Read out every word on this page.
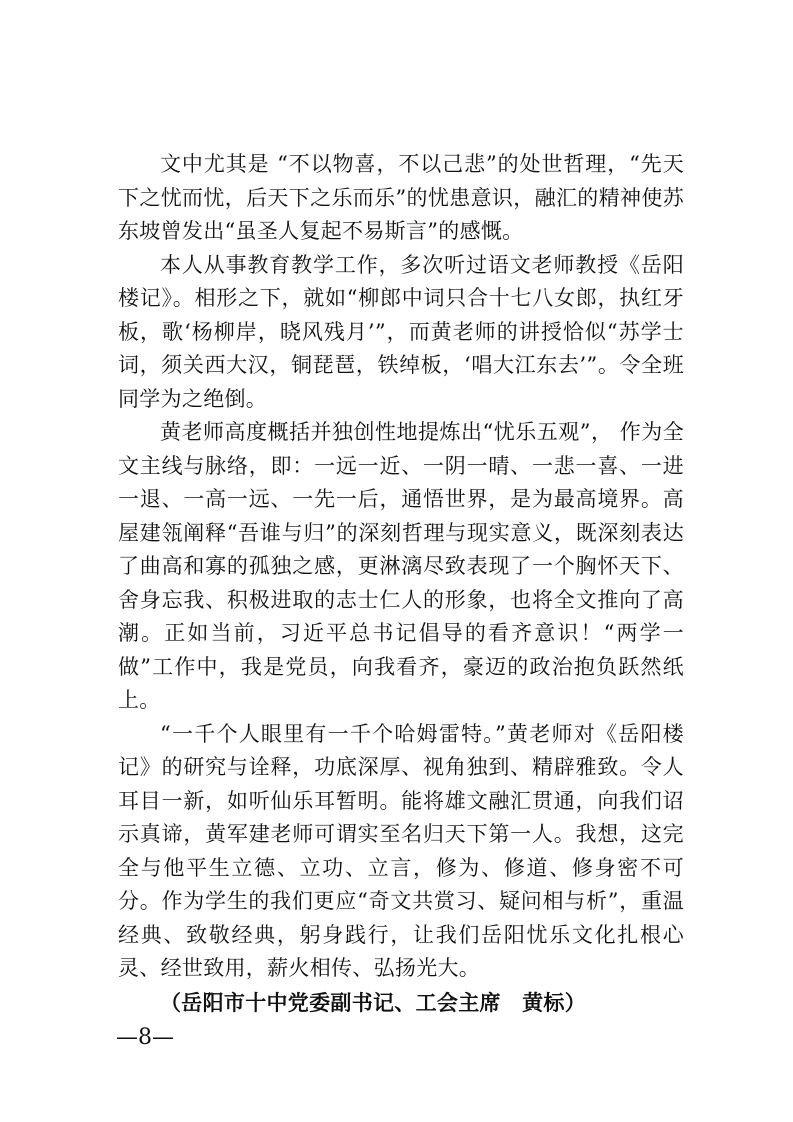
文中尤其是 “不以物喜，不以己悲”的处世哲理，“先天下之忧而忧，后天下之乐而乐”的忧患意识，融汇的精神使苏东坡曾发出“虽圣人复起不易斯言”的感慨。

本人从事教育教学工作，多次听过语文老师教授《岳阳楼记》。相形之下，就如“柳郎中词只合十七八女郎，执红牙板，歌‘杨柳岸，晓风残月’”，而黄老师的讲授恰似“苏学士词，须关西大汉，铜琵琶，铁绰板，‘唱大江东去’”。令全班同学为之绝倒。

黄老师高度概括并独创性地提炼出“忧乐五观”， 作为全文主线与脉络，即：一远一近、一阴一晴、一悲一喜、一进一退、一高一远、一先一后，通悟世界，是为最高境界。高屋建瓴阐释“吾谁与归”的深刻哲理与现实意义，既深刻表达了曲高和寡的孤独之感，更淋漓尽致表现了一个胸怀天下、舍身忘我、积极进取的志士仁人的形象，也将全文推向了高潮。正如当前，习近平总书记倡导的看齐意识！“两学一做”工作中，我是党员，向我看齐，豪迈的政治抱负跃然纸上。

“一千个人眼里有一千个哈姆雷特。”黄老师对《岳阳楼记》的研究与诠释，功底深厚、视角独到、精辟雅致。令人耳目一新，如听仙乐耳暂明。能将雄文融汇贯通，向我们诏示真谛，黄军建老师可谓实至名归天下第一人。我想，这完全与他平生立德、立功、立言，修为、修道、修身密不可分。作为学生的我们更应“奇文共赏习、疑问相与析”，重温经典、致敬经典，躬身践行，让我们岳阳忧乐文化扎根心灵、经世致用，薪火相传、弘扬光大。

（岳阳市十中党委副书记、工会主席　黄标）

—8—
